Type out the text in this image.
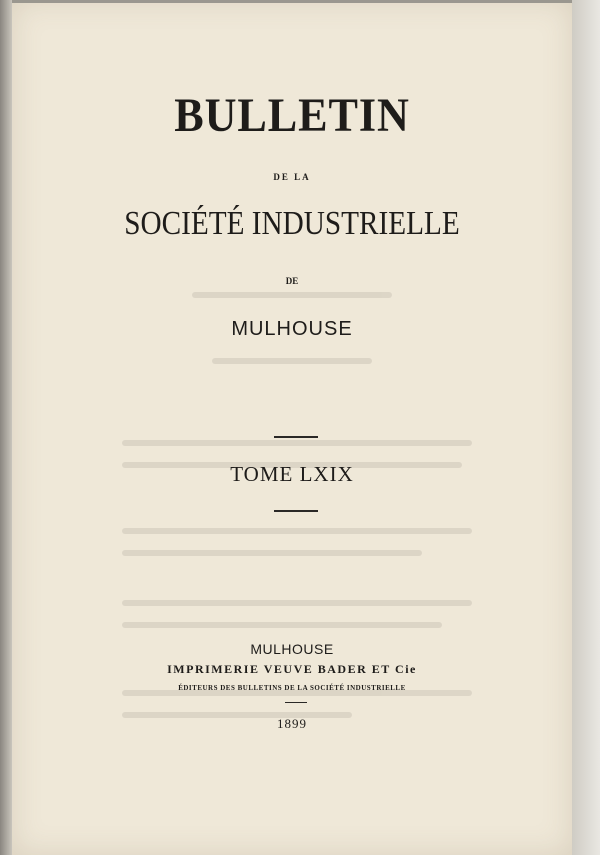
BULLETIN
DE LA
SOCIÉTÉ INDUSTRIELLE
DE
MULHOUSE
TOME LXIX
MULHOUSE
IMPRIMERIE VEUVE BADER ET Cie
ÉDITEURS DES BULLETINS DE LA SOCIÉTÉ INDUSTRIELLE
1899
